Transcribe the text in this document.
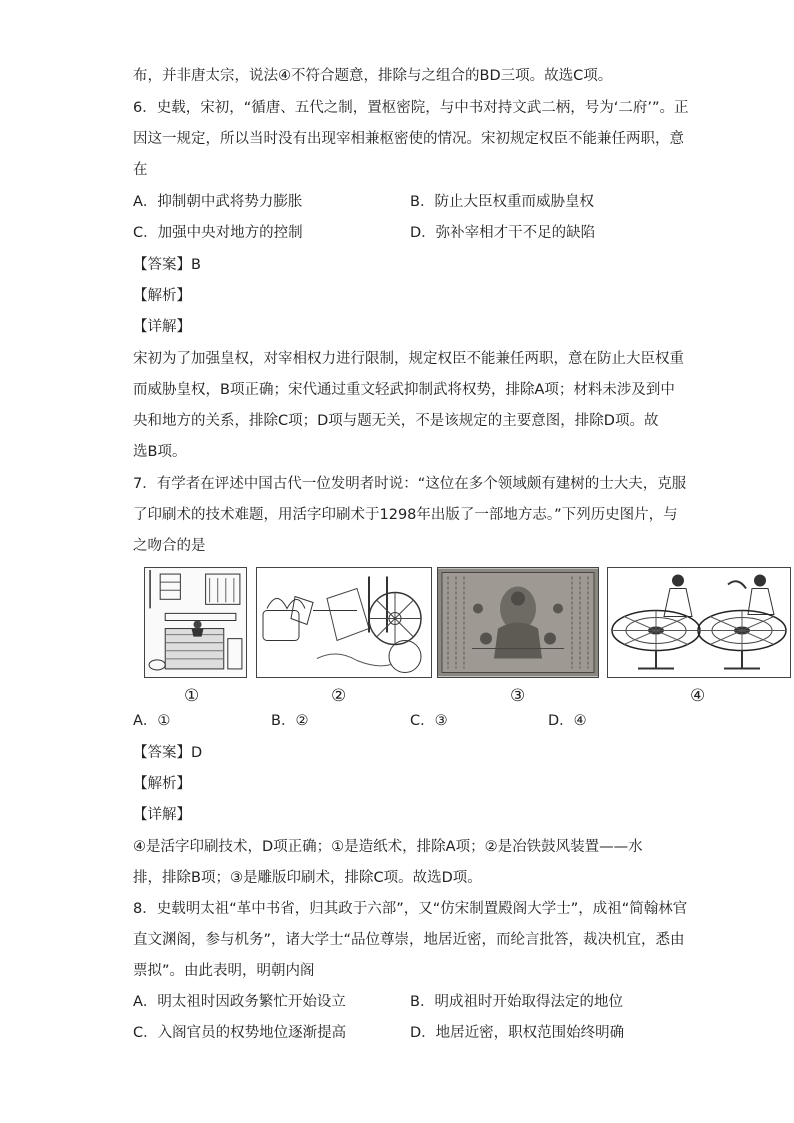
布，并非唐太宗，说法④不符合题意，排除与之组合的BD三项。故选C项。
6．史载，宋初，“循唐、五代之制，置枢密院，与中书对持文武二柄，号为‘二府’”。正
因这一规定，所以当时没有出现宰相兼枢密使的情况。宋初规定权臣不能兼任两职，意
在
A．抑制朝中武将势力膨胀	B．防止大臣权重而威胁皇权
C．加强中央对地方的控制	D．弥补宰相才干不足的缺陷
【答案】B
【解析】
【详解】
宋初为了加强皇权，对宰相权力进行限制，规定权臣不能兼任两职，意在防止大臣权重
而威胁皇权，B项正确；宋代通过重文轻武抑制武将权势，排除A项；材料未涉及到中
央和地方的关系，排除C项；D项与题无关，不是该规定的主要意图，排除D项。故
选B项。
7．有学者在评述中国古代一位发明者时说：“这位在多个领域颇有建树的士大夫，克服
了印刷术的技术难题，用活字印刷术于1298年出版了一部地方志。”下列历史图片，与
之吻合的是
①	②	③	④
A．①	B．②	C．③	D．④
【答案】D
【解析】
【详解】
④是活字印刷技术，D项正确；①是造纸术，排除A项；②是冶铁鼓风装置——水
排，排除B项；③是雕版印刷术，排除C项。故选D项。
8．史载明太祖“革中书省，归其政于六部”，又“仿宋制置殿阁大学士”，成祖“简翰林官
直文渊阁，参与机务”，诸大学士“品位尊崇，地居近密，而纶言批答，裁决机宜，悉由
票拟”。由此表明，明朝内阁
A．明太祖时因政务繁忙开始设立	B．明成祖时开始取得法定的地位
C．入阁官员的权势地位逐渐提高	D．地居近密，职权范围始终明确
